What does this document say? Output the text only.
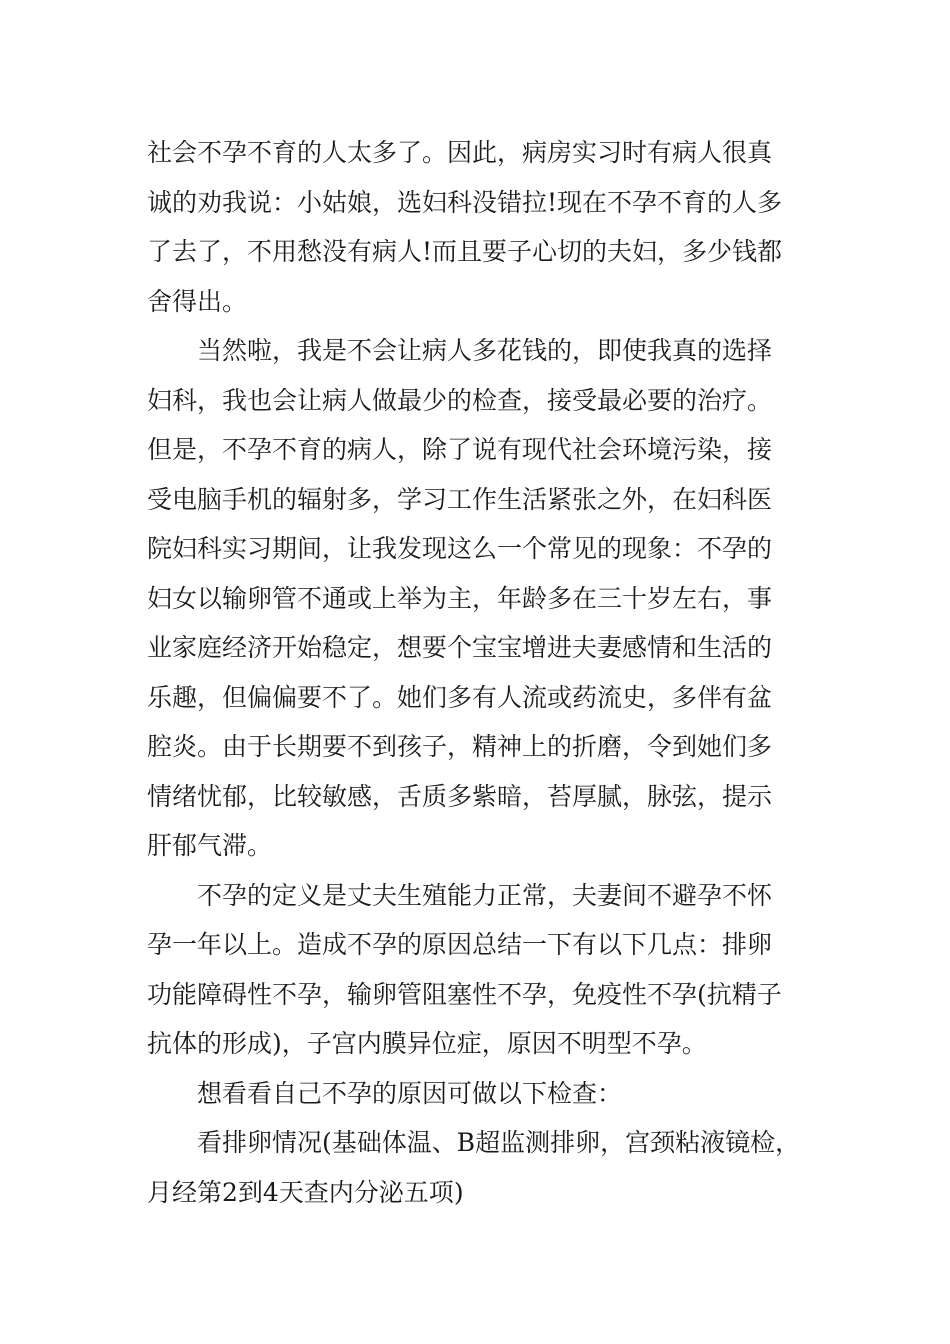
社会不孕不育的人太多了。因此，病房实习时有病人很真
诚的劝我说：小姑娘，选妇科没错拉!现在不孕不育的人多
了去了，不用愁没有病人!而且要子心切的夫妇，多少钱都
舍得出。

　　当然啦，我是不会让病人多花钱的，即使我真的选择
妇科，我也会让病人做最少的检查，接受最必要的治疗。
但是，不孕不育的病人，除了说有现代社会环境污染，接
受电脑手机的辐射多，学习工作生活紧张之外，在妇科医
院妇科实习期间，让我发现这么一个常见的现象：不孕的
妇女以输卵管不通或上举为主，年龄多在三十岁左右，事
业家庭经济开始稳定，想要个宝宝增进夫妻感情和生活的
乐趣，但偏偏要不了。她们多有人流或药流史，多伴有盆
腔炎。由于长期要不到孩子，精神上的折磨，令到她们多
情绪忧郁，比较敏感，舌质多紫暗，苔厚腻，脉弦，提示
肝郁气滞。

　　不孕的定义是丈夫生殖能力正常，夫妻间不避孕不怀
孕一年以上。造成不孕的原因总结一下有以下几点：排卵
功能障碍性不孕，输卵管阻塞性不孕，免疫性不孕(抗精子
抗体的形成)，子宫内膜异位症，原因不明型不孕。

　　想看看自己不孕的原因可做以下检查：

　　看排卵情况(基础体温、B超监测排卵，宫颈粘液镜检，
月经第2到4天查内分泌五项)
